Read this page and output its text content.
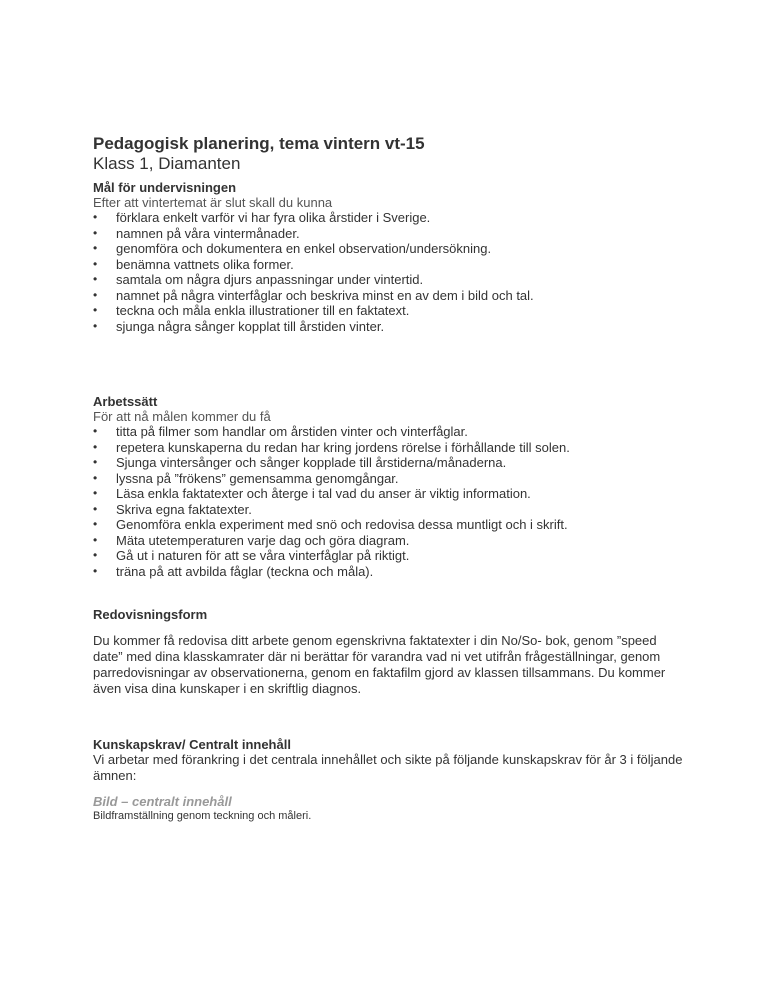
Pedagogisk planering, tema vintern vt-15
Klass 1, Diamanten
Mål för undervisningen
Efter att vintertemat är slut skall du kunna
•	förklara enkelt varför vi har fyra olika årstider i Sverige.
•	namnen på våra vintermånader.
•	genomföra och dokumentera en enkel observation/undersökning.
•	benämna vattnets olika former.
•	samtala om några djurs anpassningar under vintertid.
•	namnet på några vinterfåglar och beskriva minst en av dem i bild och tal.
•	teckna och måla enkla illustrationer till en faktatext.
•	sjunga några sånger kopplat till årstiden vinter.
Arbetssätt
För att nå målen kommer du få
•	titta på filmer som handlar om årstiden vinter och vinterfåglar.
•	repetera kunskaperna du redan har kring jordens rörelse i förhållande till solen.
•	Sjunga vintersånger och sånger kopplade till årstiderna/månaderna.
•	lyssna på ”frökens” gemensamma genomgångar.
•	Läsa enkla faktatexter och återge i tal vad du anser är viktig information.
•	Skriva egna faktatexter.
•	Genomföra enkla experiment med snö och redovisa dessa muntligt och i skrift.
•	Mäta utetemperaturen varje dag och göra diagram.
•	Gå ut i naturen för att se våra vinterfåglar på riktigt.
•	träna på att avbilda fåglar (teckna och måla).
Redovisningsform

Du kommer få redovisa ditt arbete genom egenskrivna faktatexter i din No/So- bok, genom ”speed date” med dina klasskamrater där ni berättar för varandra vad ni vet utifrån frågeställningar, genom parredovisningar av observationerna, genom en faktafilm gjord av klassen tillsammans. Du kommer även visa dina kunskaper i en skriftlig diagnos.

Kunskapskrav/ Centralt innehåll

Vi arbetar med förankring i det centrala innehållet och sikte på följande kunskapskrav för år 3 i följande ämnen:

Bild – centralt innehåll

Bildframställning genom teckning och måleri.
